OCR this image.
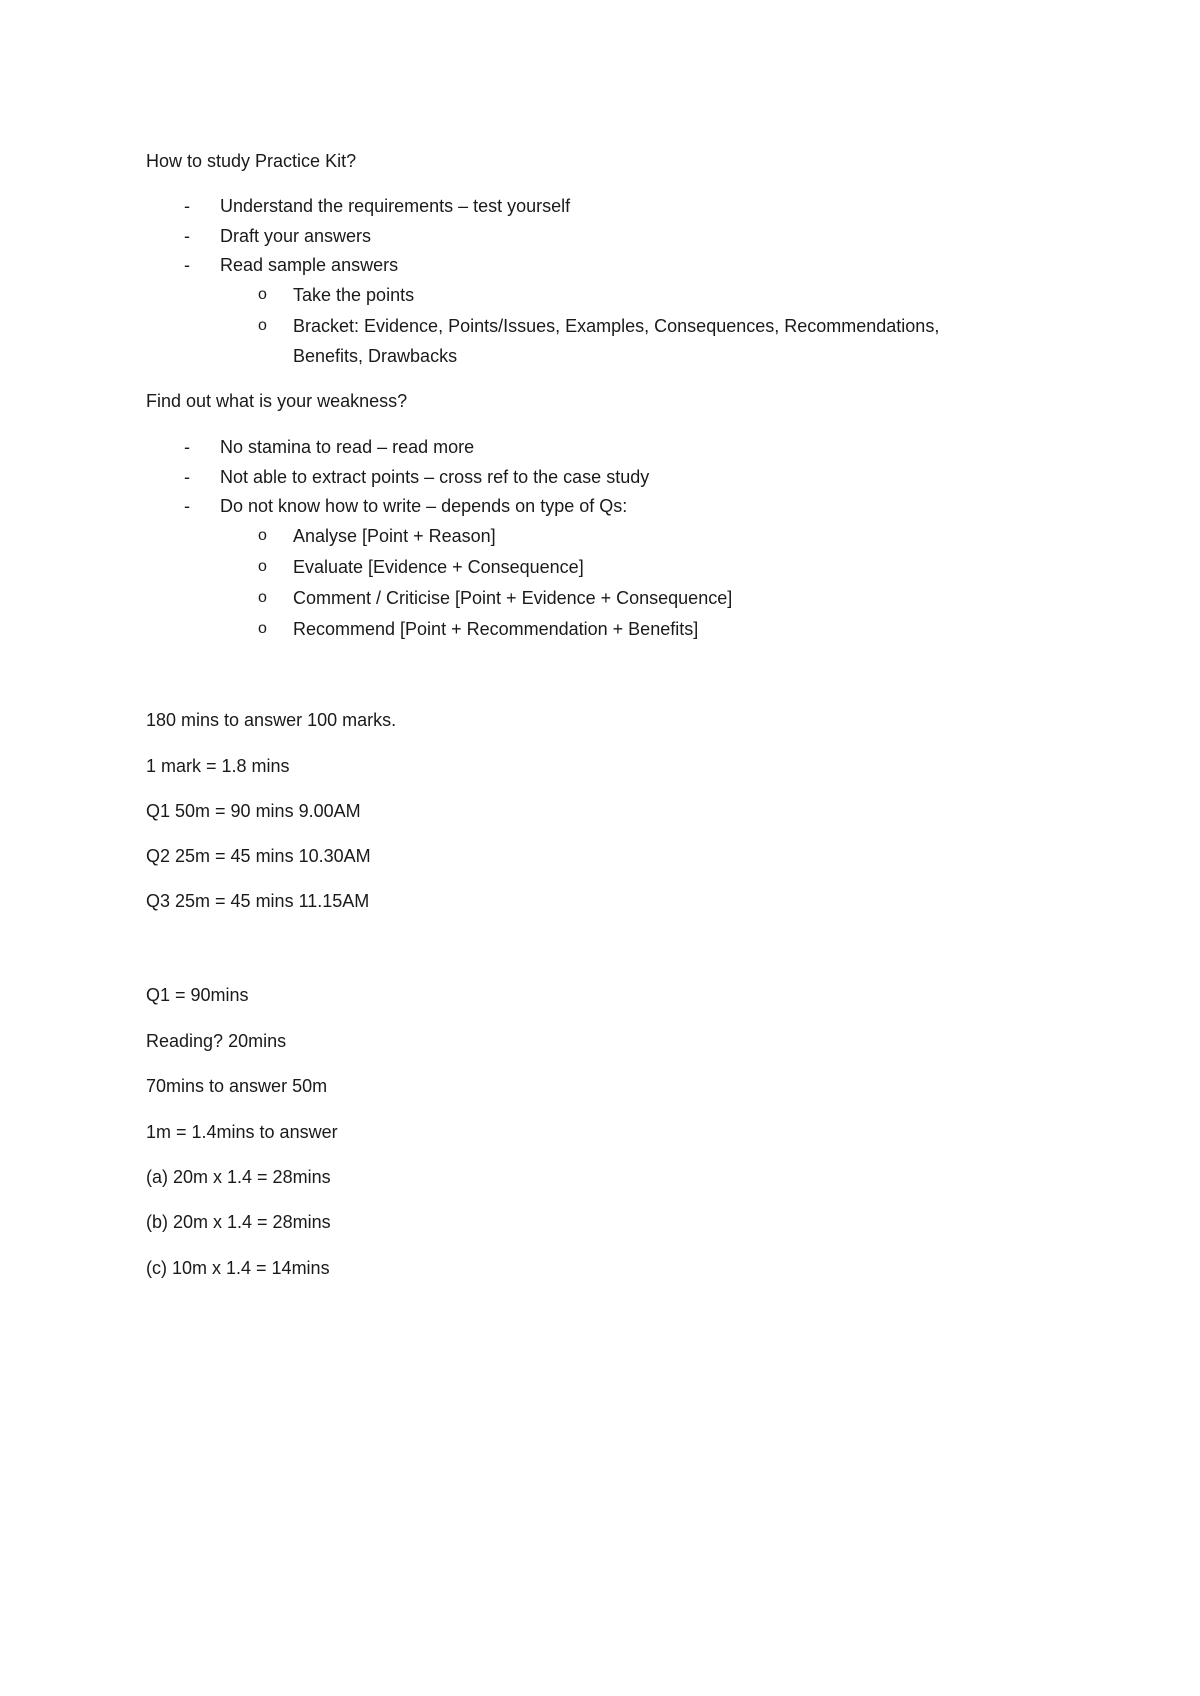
How to study Practice Kit?
- Understand the requirements – test yourself
- Draft your answers
- Read sample answers
o Take the points
o Bracket: Evidence, Points/Issues, Examples, Consequences, Recommendations,
Benefits, Drawbacks
Find out what is your weakness?
- No stamina to read – read more
- Not able to extract points – cross ref to the case study
- Do not know how to write – depends on type of Qs:
o Analyse [Point + Reason]
o Evaluate [Evidence + Consequence]
o Comment / Criticise [Point + Evidence + Consequence]
o Recommend [Point + Recommendation + Benefits]
180 mins to answer 100 marks.
1 mark = 1.8 mins
Q1 50m = 90 mins 9.00AM
Q2 25m = 45 mins 10.30AM
Q3 25m = 45 mins 11.15AM
Q1 = 90mins
Reading? 20mins
70mins to answer 50m
1m = 1.4mins to answer
(a) 20m x 1.4 = 28mins
(b) 20m x 1.4 = 28mins
(c) 10m x 1.4 = 14mins
